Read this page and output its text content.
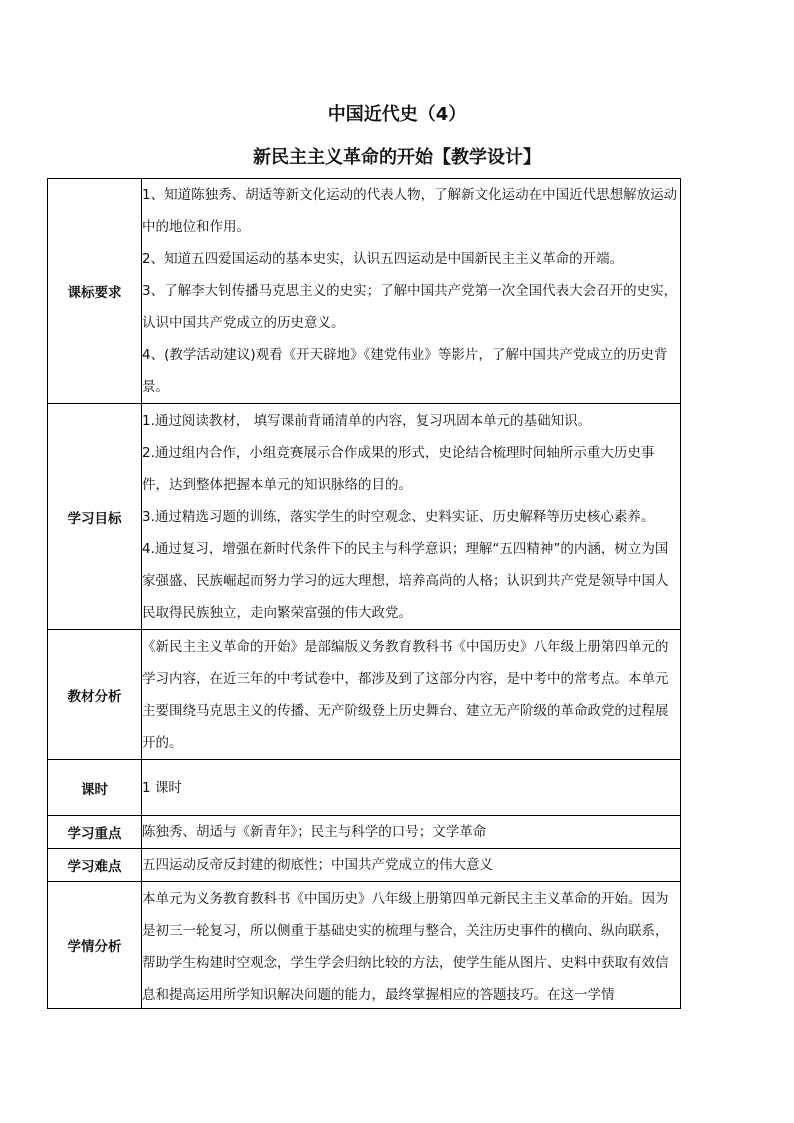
中国近代史（4）
新民主主义革命的开始【教学设计】
课标要求	1、知道陈独秀、胡适等新文化运动的代表人物，了解新文化运动在中国近代思想解放运动中的地位和作用。

2、知道五四爱国运动的基本史实，认识五四运动是中国新民主主义革命的开端。

3、了解李大钊传播马克思主义的史实；了解中国共产党第一次全国代表大会召开的史实，认识中国共产党成立的历史意义。

4、(教学活动建议)观看《开天辟地》《建党伟业》等影片，了解中国共产党成立的历史背景。

学习目标	1.通过阅读教材， 填写课前背诵清单的内容，复习巩固本单元的基础知识。

2.通过组内合作，小组竞赛展示合作成果的形式，史论结合梳理时间轴所示重大历史事件，达到整体把握本单元的知识脉络的目的。

3.通过精选习题的训练，落实学生的时空观念、史料实证、历史解释等历史核心素养。

4.通过复习，增强在新时代条件下的民主与科学意识；理解“五四精神”的内涵，树立为国家强盛、民族崛起而努力学习的远大理想，培养高尚的人格；认识到共产党是领导中国人民取得民族独立，走向繁荣富强的伟大政党。

教材分析	《新民主主义革命的开始》是部编版义务教育教科书《中国历史》八年级上册第四单元的学习内容，在近三年的中考试卷中，都涉及到了这部分内容，是中考中的常考点。本单元主要围绕马克思主义的传播、无产阶级登上历史舞台、建立无产阶级的革命政党的过程展开的。

课时	1 课时

学习重点	陈独秀、胡适与《新青年》；民主与科学的口号；文学革命

学习难点	五四运动反帝反封建的彻底性；中国共产党成立的伟大意义

学情分析	本单元为义务教育教科书《中国历史》八年级上册第四单元新民主主义革命的开始。因为是初三一轮复习，所以侧重于基础史实的梳理与整合，关注历史事件的横向、纵向联系，帮助学生构建时空观念，学生学会归纳比较的方法，使学生能从图片、史料中获取有效信息和提高运用所学知识解决问题的能力，最终掌握相应的答题技巧。在这一学情
